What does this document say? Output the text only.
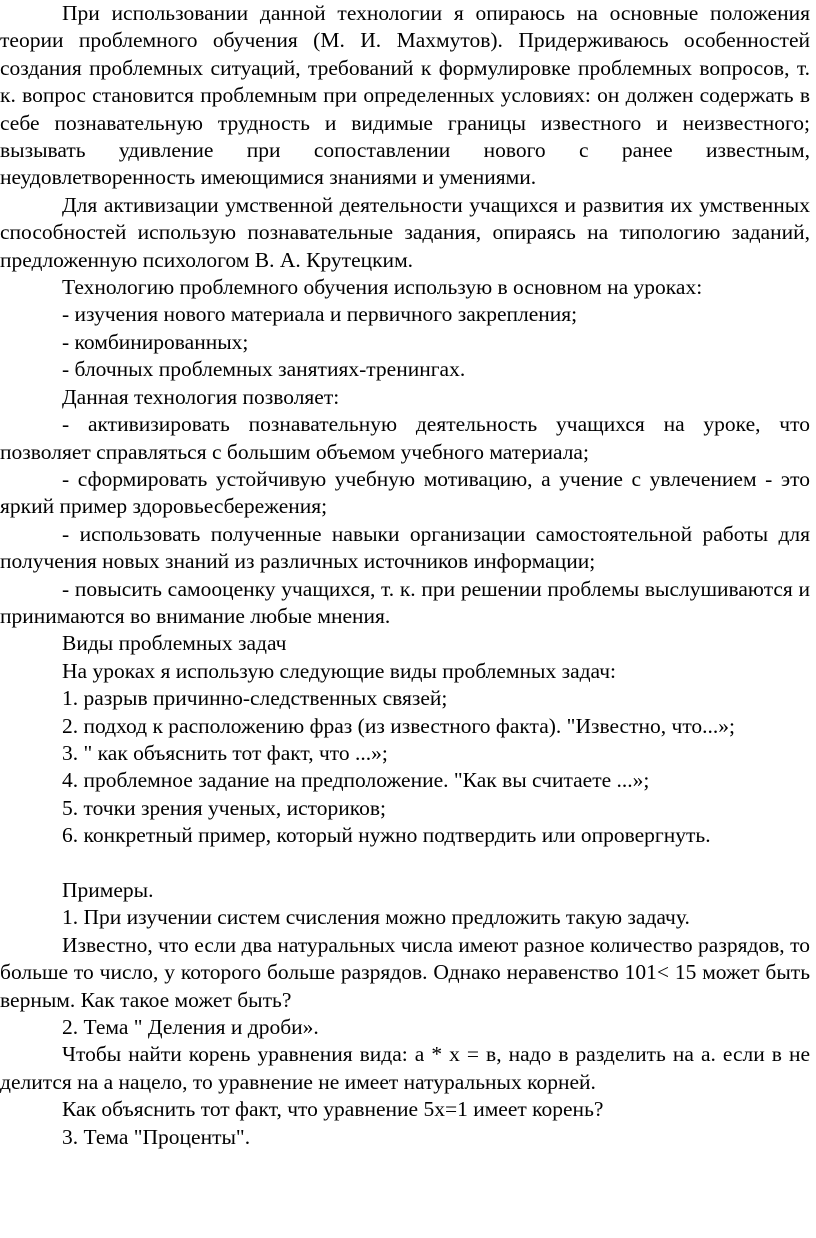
При использовании данной технологии я опираюсь на основные положения теории проблемного обучения (М. И. Махмутов). Придерживаюсь особенностей создания проблемных ситуаций, требований к формулировке проблемных вопросов, т. к. вопрос становится проблемным при определенных условиях: он должен содержать в себе познавательную трудность и видимые границы известного и неизвестного; вызывать удивление при сопоставлении нового с ранее известным, неудовлетворенность имеющимися знаниями и умениями.

Для активизации умственной деятельности учащихся и развития их умственных способностей использую познавательные задания, опираясь на типологию заданий, предложенную психологом В. А. Крутецким.

Технологию проблемного обучения использую в основном на уроках:

- изучения нового материала и первичного закрепления;

- комбинированных;

- блочных проблемных занятиях-тренингах.

Данная технология позволяет:

- активизировать познавательную деятельность учащихся на уроке, что позволяет справляться с большим объемом учебного материала;

- сформировать устойчивую учебную мотивацию, а учение с увлечением - это яркий пример здоровьесбережения;

- использовать полученные навыки организации самостоятельной работы для получения новых знаний из различных источников информации;

- повысить самооценку учащихся, т. к. при решении проблемы выслушиваются и принимаются во внимание любые мнения.

Виды проблемных задач

На уроках я использую следующие виды проблемных задач:

1. разрыв причинно-следственных связей;

2. подход к расположению фраз (из известного факта). "Известно, что...»;

3. " как объяснить тот факт, что ...»;

4. проблемное задание на предположение. "Как вы считаете ...»;

5. точки зрения ученых, историков;

6. конкретный пример, который нужно подтвердить или опровергнуть.

Примеры.

1. При изучении систем счисления можно предложить такую задачу.

Известно, что если два натуральных числа имеют разное количество разрядов, то больше то число, у которого больше разрядов. Однако неравенство 101< 15 может быть верным. Как такое может быть?

2. Тема " Деления и дроби».

Чтобы найти корень уравнения вида: а * х = в, надо в разделить на а. если в не делится на а нацело, то уравнение не имеет натуральных корней.

Как объяснить тот факт, что уравнение 5х=1 имеет корень?

3. Тема "Проценты".
